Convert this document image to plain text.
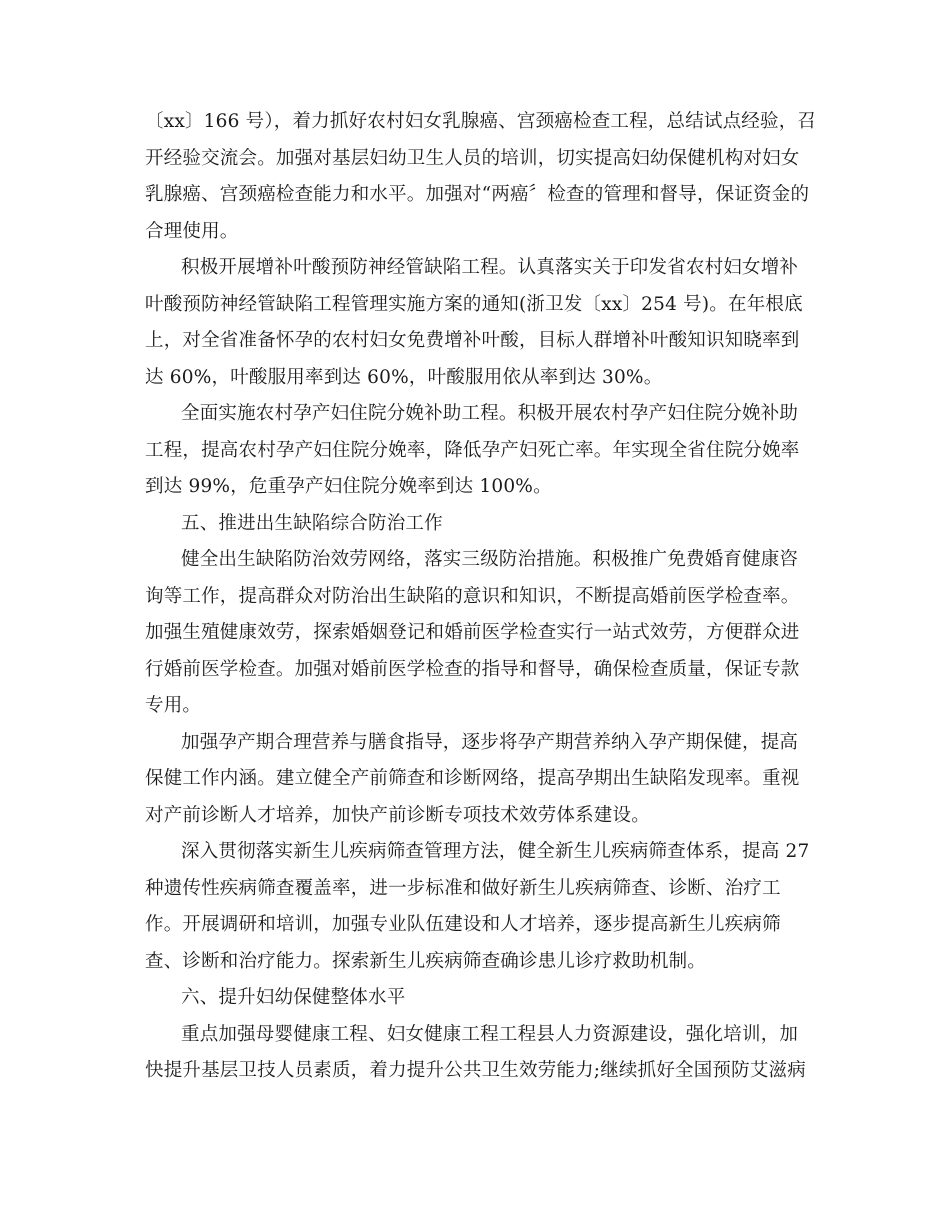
〔xx〕166 号），着力抓好农村妇女乳腺癌、宫颈癌检查工程，总结试点经验，召
开经验交流会。加强对基层妇幼卫生人员的培训，切实提高妇幼保健机构对妇女
乳腺癌、宫颈癌检查能力和水平。加强对“两癌〞检查的管理和督导，保证资金的
合理使用。
积极开展增补叶酸预防神经管缺陷工程。认真落实关于印发省农村妇女增补
叶酸预防神经管缺陷工程管理实施方案的通知(浙卫发〔xx〕254 号)。在年根底
上，对全省准备怀孕的农村妇女免费增补叶酸，目标人群增补叶酸知识知晓率到
达 60%，叶酸服用率到达 60%，叶酸服用依从率到达 30%。
全面实施农村孕产妇住院分娩补助工程。积极开展农村孕产妇住院分娩补助
工程，提高农村孕产妇住院分娩率，降低孕产妇死亡率。年实现全省住院分娩率
到达 99%，危重孕产妇住院分娩率到达 100%。
五、推进出生缺陷综合防治工作
健全出生缺陷防治效劳网络，落实三级防治措施。积极推广免费婚育健康咨
询等工作，提高群众对防治出生缺陷的意识和知识，不断提高婚前医学检查率。
加强生殖健康效劳，探索婚姻登记和婚前医学检查实行一站式效劳，方便群众进
行婚前医学检查。加强对婚前医学检查的指导和督导，确保检查质量，保证专款
专用。
加强孕产期合理营养与膳食指导，逐步将孕产期营养纳入孕产期保健，提高
保健工作内涵。建立健全产前筛查和诊断网络，提高孕期出生缺陷发现率。重视
对产前诊断人才培养，加快产前诊断专项技术效劳体系建设。
深入贯彻落实新生儿疾病筛查管理方法，健全新生儿疾病筛查体系，提高 27
种遗传性疾病筛查覆盖率，进一步标准和做好新生儿疾病筛查、诊断、治疗工
作。开展调研和培训，加强专业队伍建设和人才培养，逐步提高新生儿疾病筛
查、诊断和治疗能力。探索新生儿疾病筛查确诊患儿诊疗救助机制。
六、提升妇幼保健整体水平
重点加强母婴健康工程、妇女健康工程工程县人力资源建设，强化培训，加
快提升基层卫技人员素质，着力提升公共卫生效劳能力;继续抓好全国预防艾滋病
